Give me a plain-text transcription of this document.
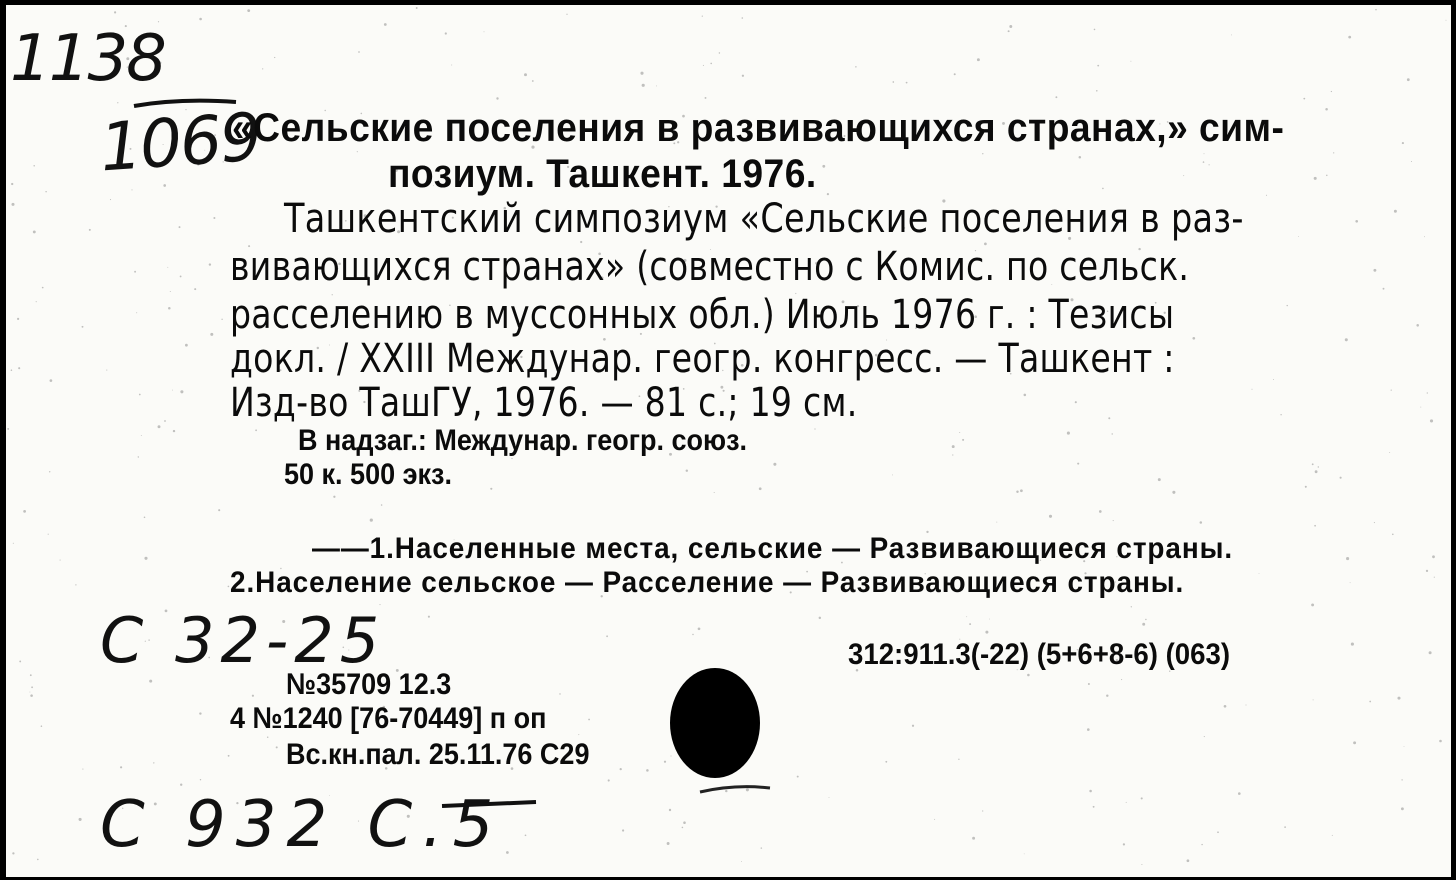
1138
1069
«Сельские поселения в развивающихся странах,» сим-
позиум. Ташкент. 1976.
Ташкентский симпозиум «Сельские поселения в раз-
вивающихся странах» (совместно с Комис. по сельск.
расселению в муссонных обл.) Июль 1976 г. : Тезисы
докл. / XXIII Междунар. геогр. конгресс. — Ташкент :
Изд-во ТашГУ, 1976. — 81 с.; 19 см.
В надзаг.: Междунар. геогр. союз.
50 к. 500 экз.
——1.Населенные места, сельские — Развивающиеся страны.
2.Население сельское — Расселение — Развивающиеся страны.
С 32-25	312:911.3(-22) (5+6+8-6) (063)
№35709 12.3
4 №1240 [76-70449] п оп
Вс.кн.пал. 25.11.76 С29
С 932 С.5
